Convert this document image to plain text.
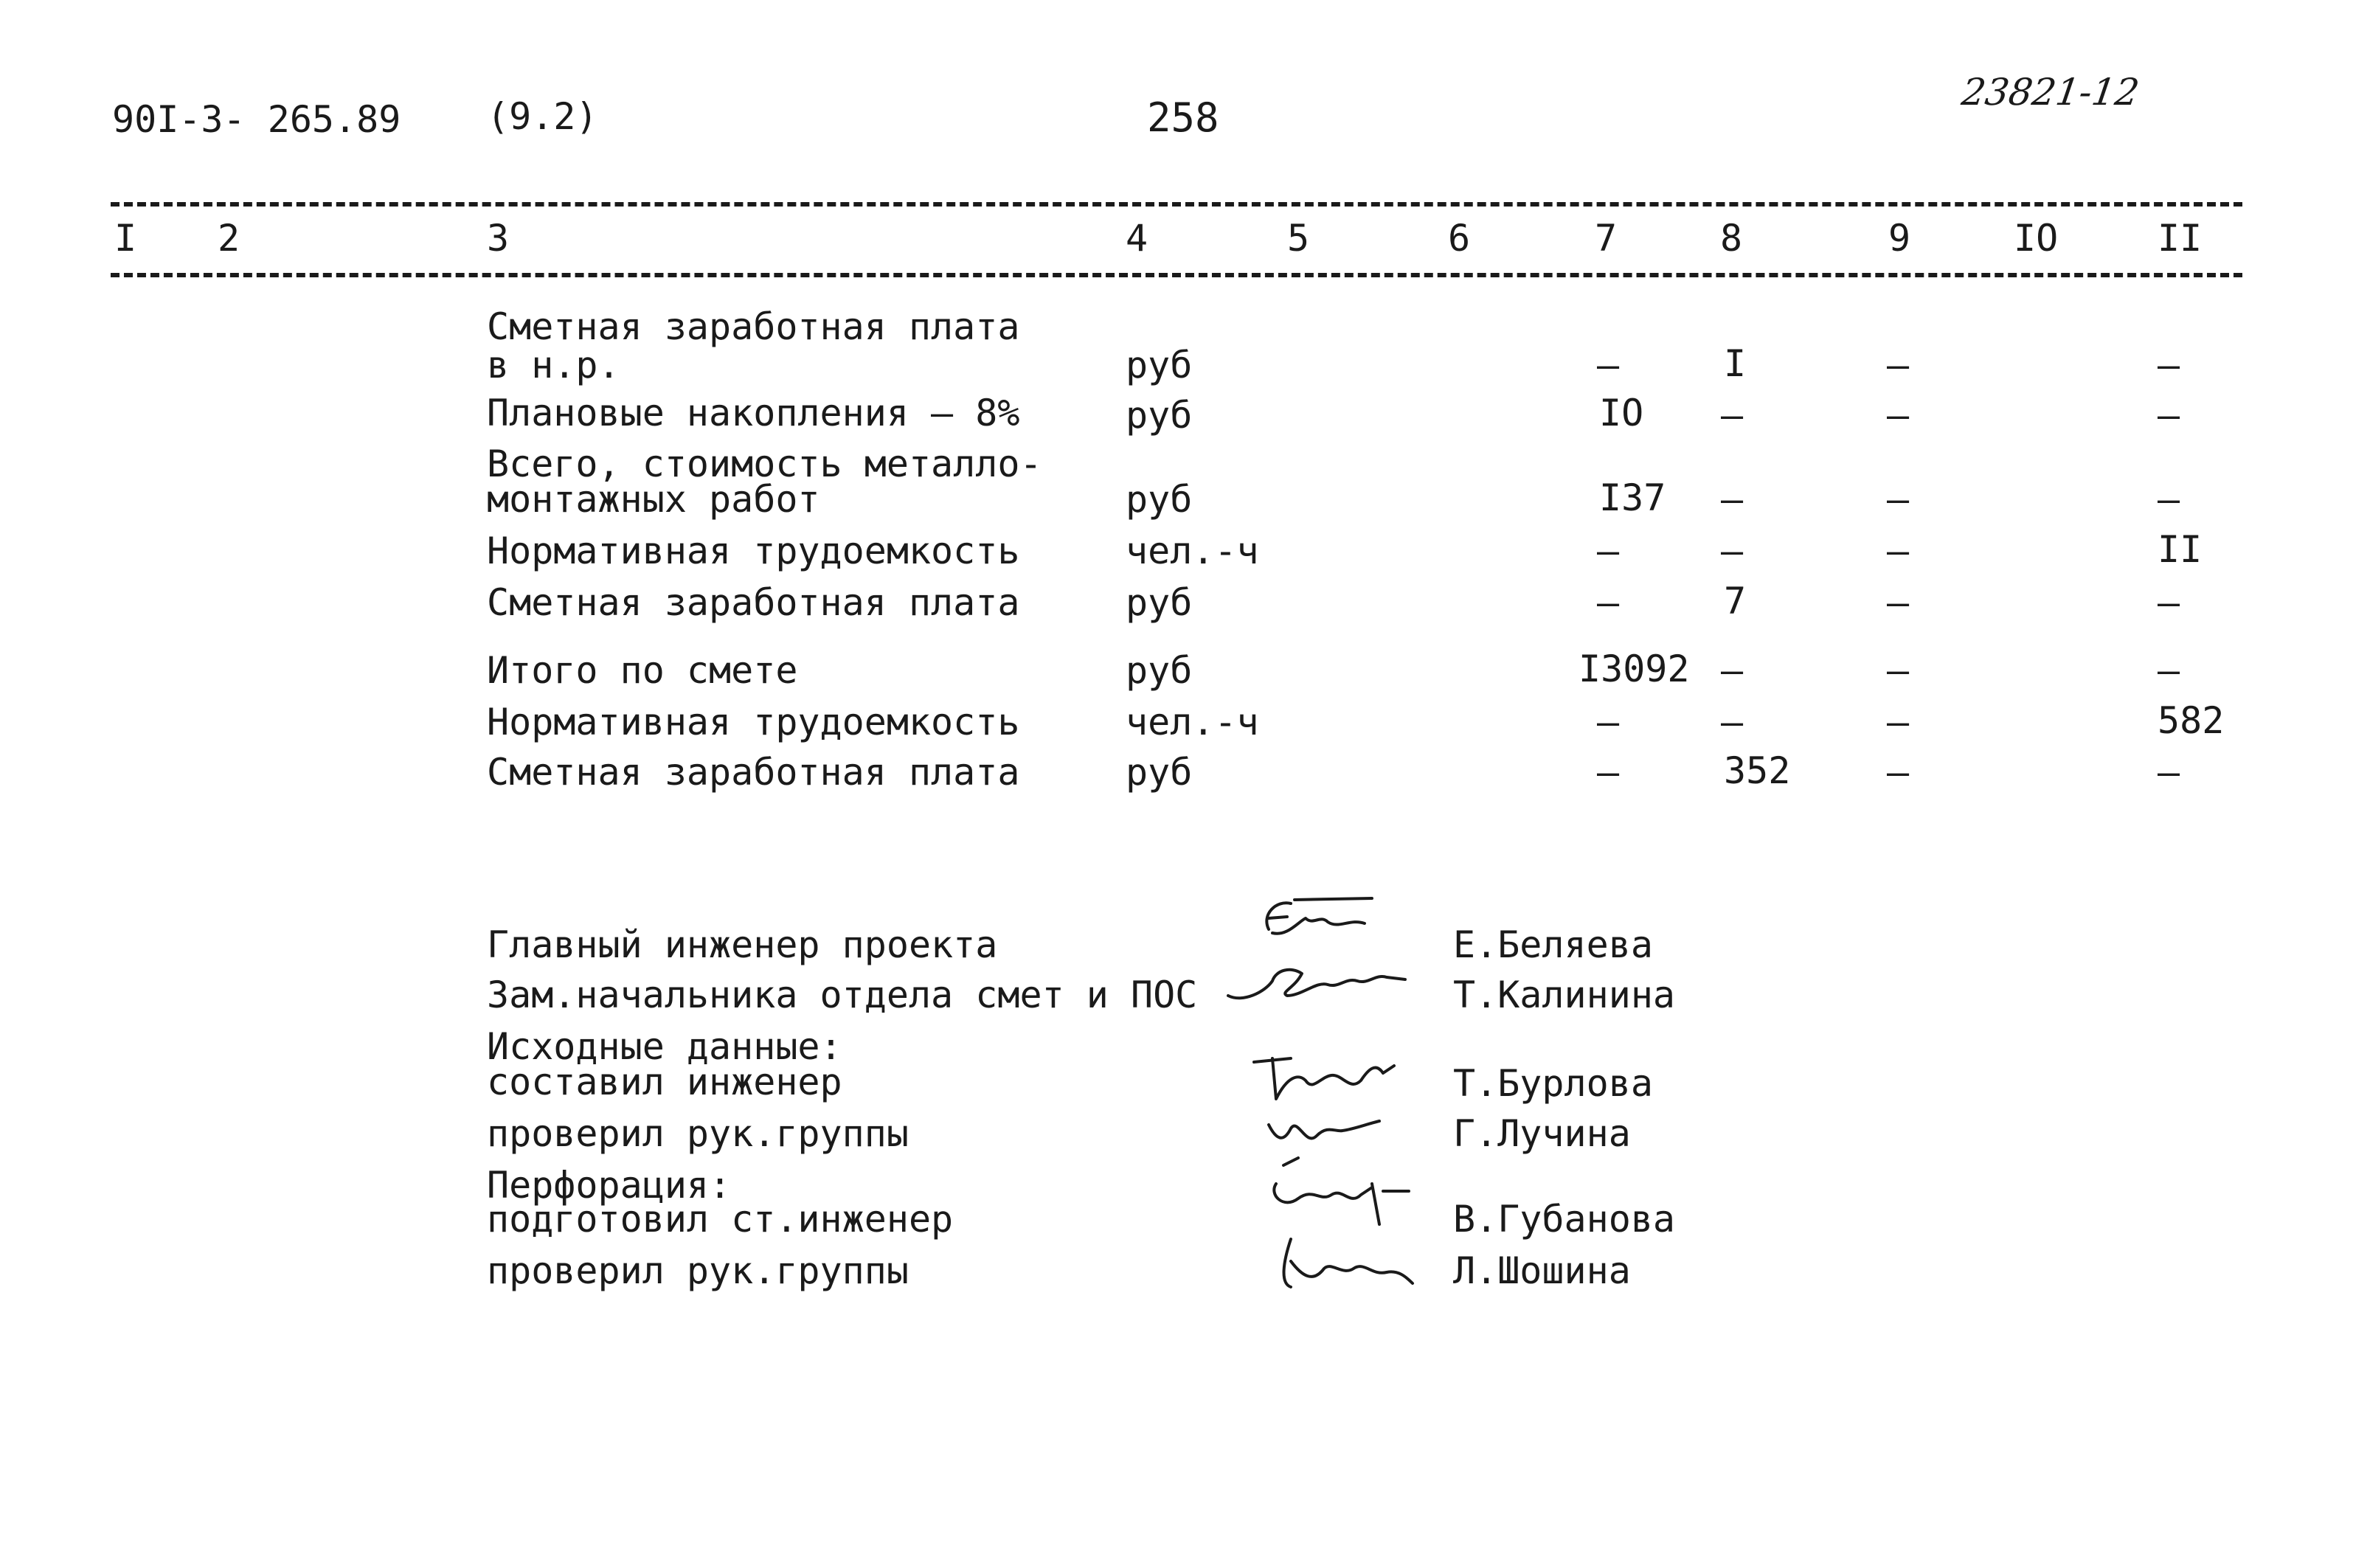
90I-3- 265.89 (9.2)	258
23821-12
I 2	3	4	5	6	7	8	9	IO	II
Сметная заработная плата
в н.р.	руб	–	I	–	–
Плановые накопления – 8%	руб	IO –	–	–
Всего, стоимость металло-
монтажных работ	руб	I37 –	–	–
Нормативная трудоемкость	чел.-ч	–	–	–	II
Сметная заработная плата	руб	–	7	–	–
Итого по смете	руб	I3092 –	–	–
Нормативная трудоемкость	чел.-ч	–	–	–	582
Сметная заработная плата	руб	–	352	–	–
Главный инженер проекта	Е.Беляева
Зам.начальника отдела смет и ПОС	Т.Калинина
Исходные данные:
составил инженер	Т.Бурлова
проверил рук.группы	Г.Лучина
Перфорация:
подготовил ст.инженер	В.Губанова
проверил рук.группы	Л.Шошина
